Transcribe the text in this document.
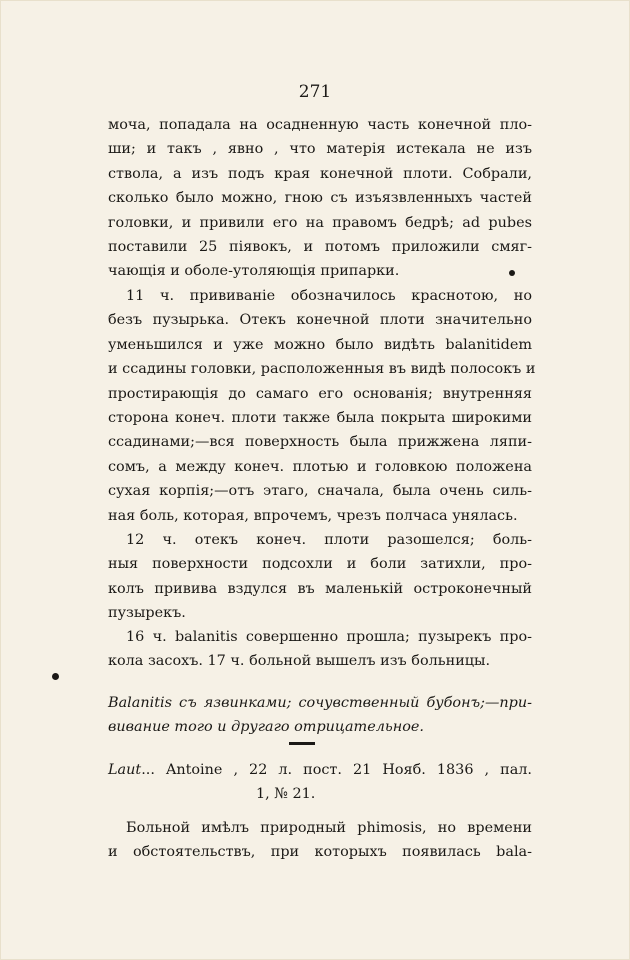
271
моча, попадала на осадненную часть конечной пло-
ши; и такъ , явно , что матерія истекала не изъ
ствола, а изъ подъ края конечной плоти. Собрали,
сколько было можно, гною съ изъязвленныхъ частей
головки, и привили его на правомъ бедрѣ; ad pubes
поставили 25 піявокъ, и потомъ приложили смяг-
чающія и оболе-утоляющія припарки.
11 ч. прививаніе обозначилось краснотою, но
безъ пузырька. Отекъ конечной плоти значительно
уменьшился и уже можно было видѣть balanitidem
и ссадины головки, расположенныя въ видѣ полосокъ и
простирающія до самаго его основанія; внутренняя
сторона конеч. плоти также была покрыта широкими
ссадинами;—вся поверхность была прижжена ляпи-
сомъ, а между конеч. плотью и головкою положена
сухая корпія;—отъ этаго, сначала, была очень силь-
ная боль, которая, впрочемъ, чрезъ полчаса унялась.
12 ч. отекъ конеч. плоти разошелся; боль-
ныя поверхности подсохли и боли затихли, про-
колъ привива вздулся въ маленькій остроконечный
пузырекъ.
16 ч. balanitis совершенно прошла; пузырекъ про-
кола засохъ. 17 ч. больной вышелъ изъ больницы.
Balanitis съ язвинками; сочувственный бубонъ;—при-
вивание того и другаго отрицательное.
Laut... Antoine , 22 л. пост. 21 Нояб. 1836 , пал.
1, № 21.
Больной имѣлъ природный phimosis, но времени
и обстоятельствъ, при которыхъ появилась bala-
